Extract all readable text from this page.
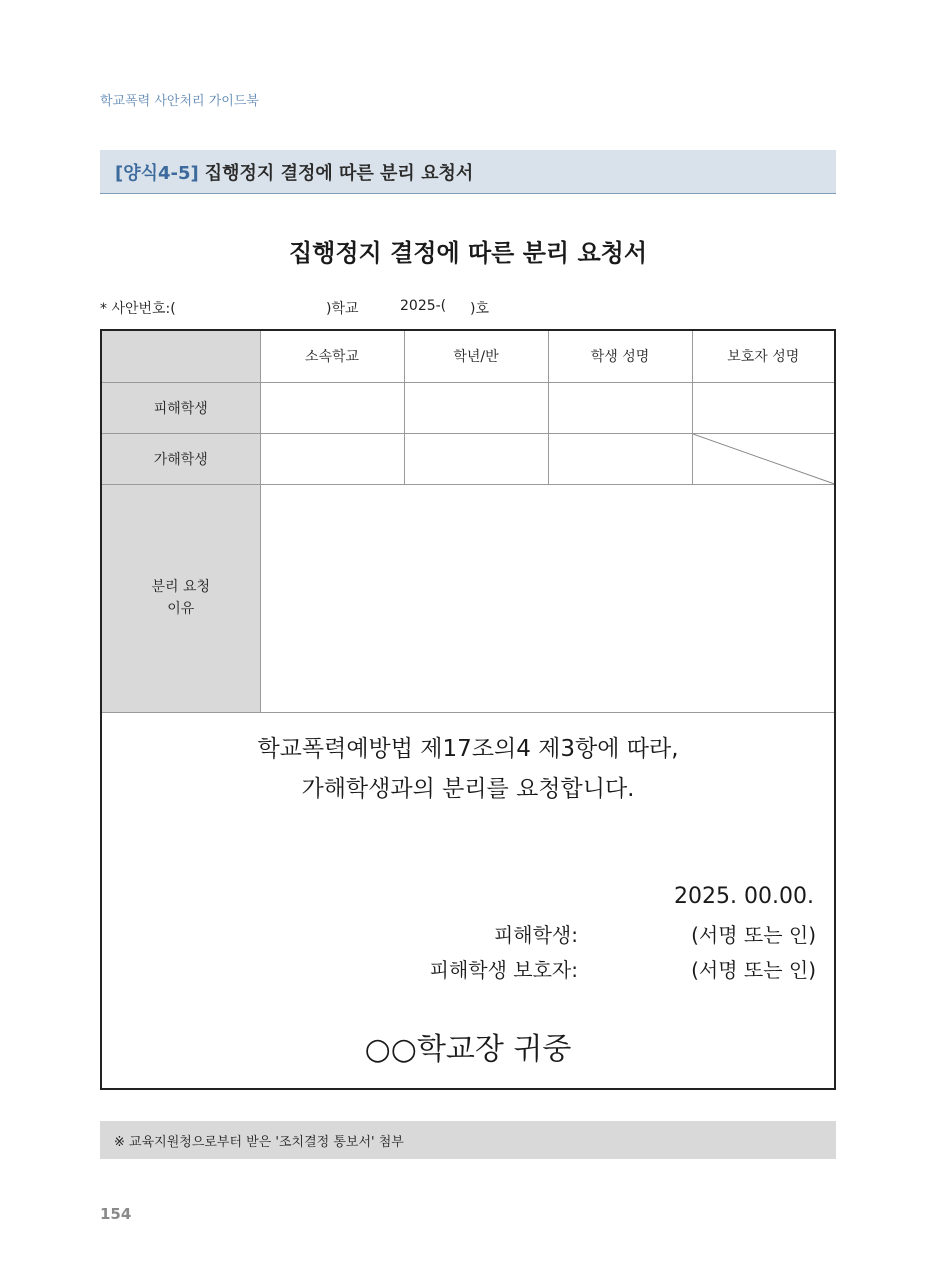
학교폭력 사안처리 가이드북
[양식4-5] 집행정지 결정에 따른 분리 요청서
집행정지 결정에 따른 분리 요청서
* 사안번호:(	)학교	2025-( )호
	소속학교	학년/반	학생 성명	보호자 성명
피해학생				
가해학생				

분리 요청
이유				
학교폭력예방법 제17조의4 제3항에 따라,
가해학생과의 분리를 요청합니다.
2025. 00.00.
피해학생:	(서명 또는 인)
피해학생 보호자:	(서명 또는 인)
○○학교장 귀중
※ 교육지원청으로부터 받은 '조치결정 통보서' 첨부
154
